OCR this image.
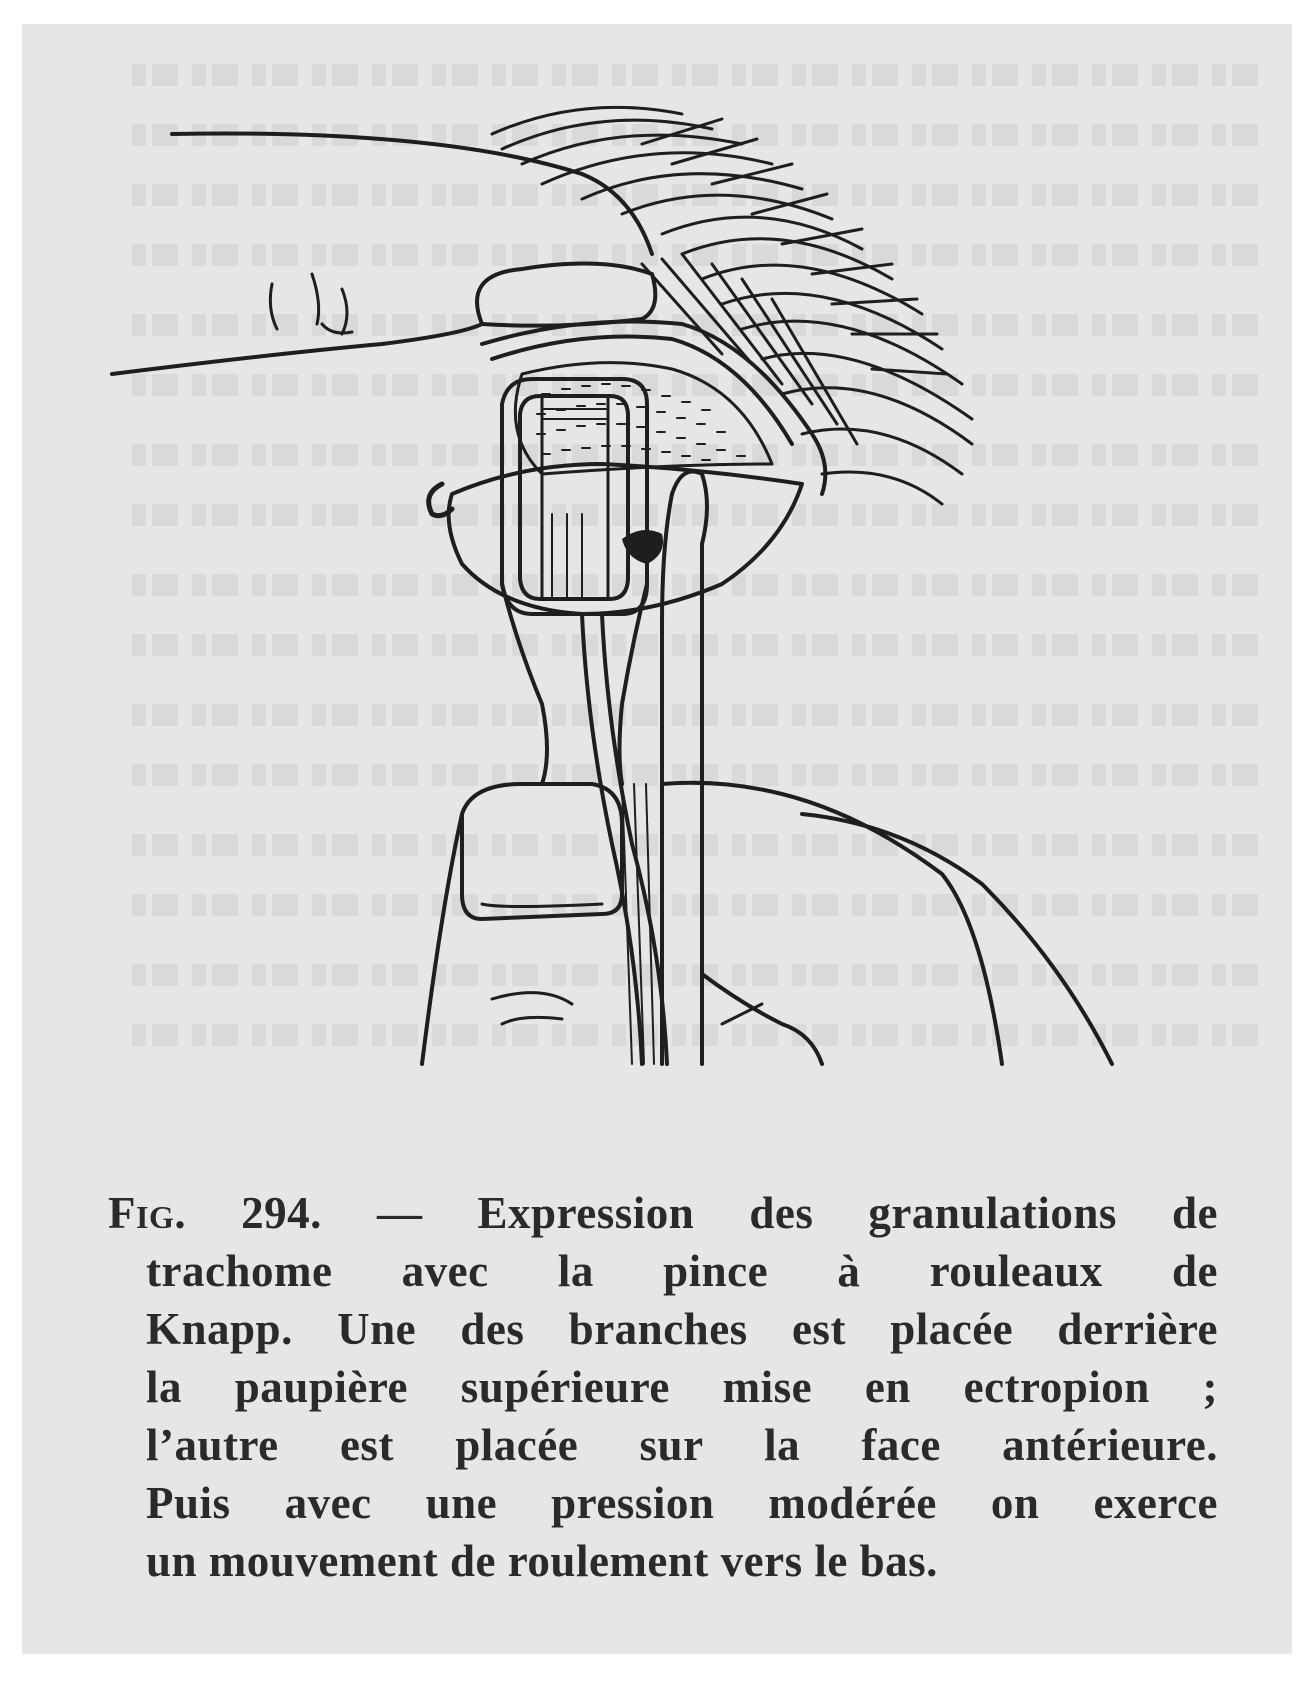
Fig. 294. — Expression des granulations de
trachome avec la pince à rouleaux de
Knapp. Une des branches est placée derrière
la paupière supérieure mise en ectropion ;
l’autre est placée sur la face antérieure.
Puis avec une pression modérée on exerce
un mouvement de roulement vers le bas.
